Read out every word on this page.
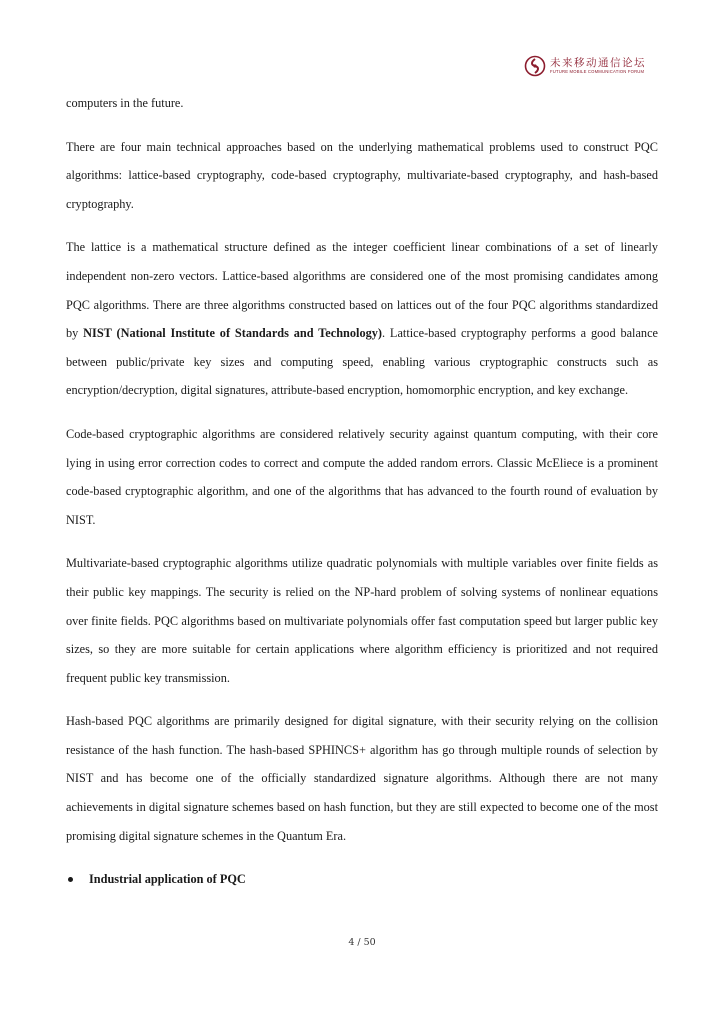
未来移动通信论坛
FUTURE MOBILE COMMUNICATION FORUM

computers in the future.

There are four main technical approaches based on the underlying mathematical problems used to construct PQC algorithms: lattice-based cryptography, code-based cryptography, multivariate-based cryptography, and hash-based cryptography.

The lattice is a mathematical structure defined as the integer coefficient linear combinations of a set of linearly independent non-zero vectors. Lattice-based algorithms are considered one of the most promising candidates among PQC algorithms. There are three algorithms constructed based on lattices out of the four PQC algorithms standardized by NIST (National Institute of Standards and Technology). Lattice-based cryptography performs a good balance between public/private key sizes and computing speed, enabling various cryptographic constructs such as encryption/decryption, digital signatures, attribute-based encryption, homomorphic encryption, and key exchange.

Code-based cryptographic algorithms are considered relatively security against quantum computing, with their core lying in using error correction codes to correct and compute the added random errors. Classic McEliece is a prominent code-based cryptographic algorithm, and one of the algorithms that has advanced to the fourth round of evaluation by NIST.

Multivariate-based cryptographic algorithms utilize quadratic polynomials with multiple variables over finite fields as their public key mappings. The security is relied on the NP-hard problem of solving systems of nonlinear equations over finite fields. PQC algorithms based on multivariate polynomials offer fast computation speed but larger public key sizes, so they are more suitable for certain applications where algorithm efficiency is prioritized and not required frequent public key transmission.

Hash-based PQC algorithms are primarily designed for digital signature, with their security relying on the collision resistance of the hash function. The hash-based SPHINCS+ algorithm has go through multiple rounds of selection by NIST and has become one of the officially standardized signature algorithms. Although there are not many achievements in digital signature schemes based on hash function, but they are still expected to become one of the most promising digital signature schemes in the Quantum Era.

Industrial application of PQC
4 / 50
